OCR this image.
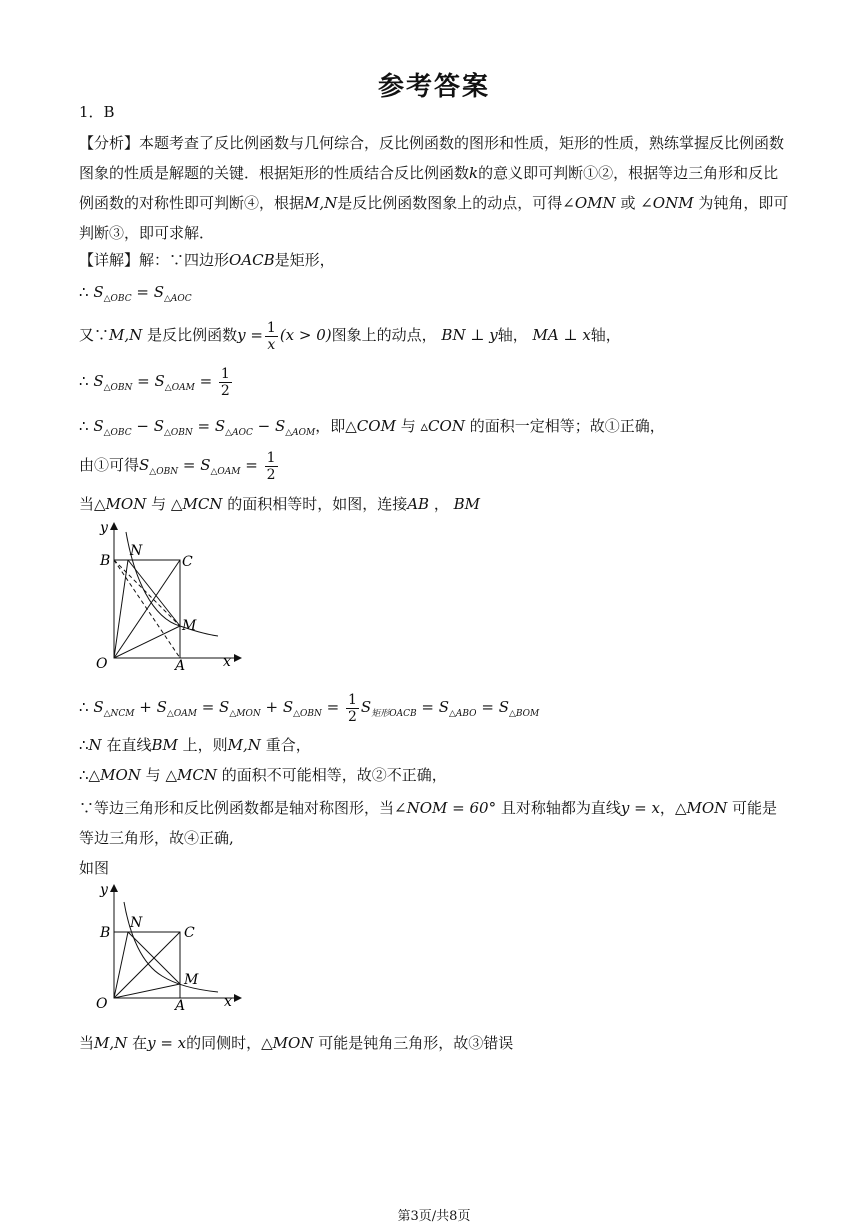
参考答案
1．B
【分析】本题考查了反比例函数与几何综合，反比例函数的图形和性质，矩形的性质，熟练掌握反比例函数图象的性质是解题的关键．根据矩形的性质结合反比例函数k的意义即可判断①②，根据等边三角形和反比例函数的对称性即可判断④，根据M,N是反比例函数图象上的动点，可得∠OMN 或 ∠ONM 为钝角，即可判断③，即可求解．
【详解】解：∵四边形OACB是矩形，
∴ $S_{\triangle OBC} = S_{\triangle AOC}$
又∵M,N 是反比例函数$y = \frac{1}{x} (x > 0)$图象上的动点， BN ⊥ y轴， MA ⊥ x轴，
∴ $S_{\triangle OBN} = S_{\triangle OAM} = \frac{1}{2}$
∴ $S_{\triangle OBC} - S_{\triangle OBN} = S_{\triangle AOC} - S_{\triangle AOM}$，即△COM 与 ▵CON 的面积一定相等；故①正确，
由①可得$S_{\triangle OBN} = S_{\triangle OAM} = \frac{1}{2}$
当△MON 与 △MCN 的面积相等时，如图，连接AB ， BM
y
N
C
B
M
O	A	x
∴ $S_{\triangle NCM} + S_{\triangle OAM} = S_{\triangle MON} + S_{\triangle OBN} = \frac{1}{2} S_{矩形OACB} = S_{\triangle ABO} = S_{\triangle BOM}$
∴N 在直线BM 上，则M,N 重合，
∴△MON 与 △MCN 的面积不可能相等，故②不正确，
∵等边三角形和反比例函数都是轴对称图形，当∠NOM = 60° 且对称轴都为直线y = x，△MON 可能是等边三角形，故④正确,
如图
y
N
C
B
M
O	A	x
当M,N 在y = x的同侧时，△MON 可能是钝角三角形，故③错误
第3页/共8页
